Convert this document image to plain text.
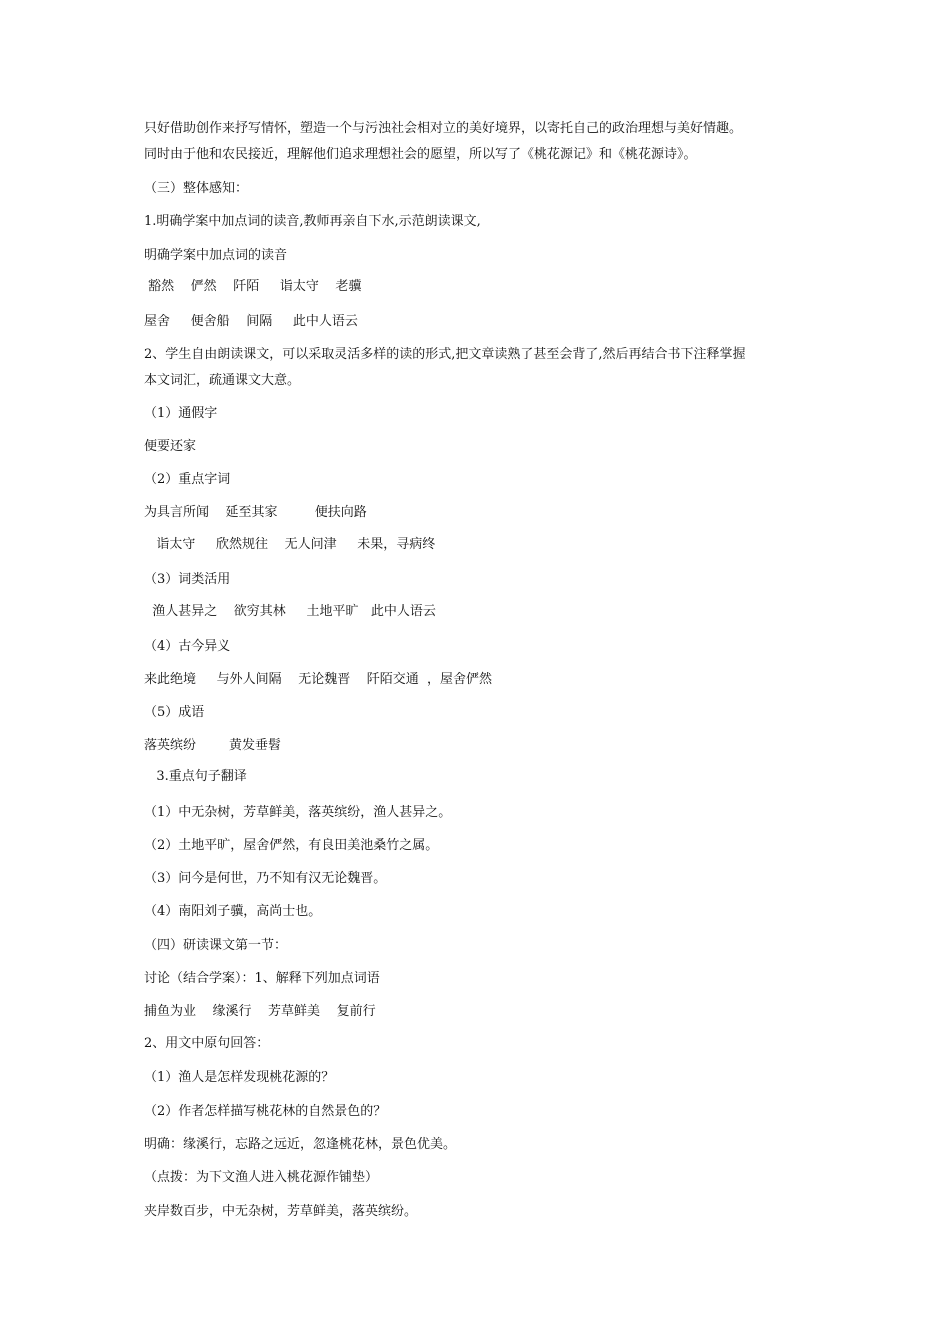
只好借助创作来抒写情怀，塑造一个与污浊社会相对立的美好境界，以寄托自己的政治理想与美好情趣。
同时由于他和农民接近，理解他们追求理想社会的愿望，所以写了《桃花源记》和《桃花源诗》。
（三）整体感知：
1.明确学案中加点词的读音,教师再亲自下水,示范朗读课文,
明确学案中加点词的读音
豁然    俨然    阡陌     诣太守    老骥
屋舍     便舍船    间隔     此中人语云
2、学生自由朗读课文，可以采取灵活多样的读的形式,把文章读熟了甚至会背了,然后再结合书下注释掌握
本文词汇，疏通课文大意。
（1）通假字
便要还家
（2）重点字词
为具言所闻    延至其家         便扶向路
诣太守     欣然规往    无人问津     未果，寻病终
（3）词类活用
渔人甚异之    欲穷其林     土地平旷   此中人语云
（4）古今异义
来此绝境     与外人间隔    无论魏晋    阡陌交通  ，屋舍俨然
（5）成语
落英缤纷        黄发垂髫
3.重点句子翻译
（1）中无杂树，芳草鲜美，落英缤纷，渔人甚异之。
（2）土地平旷，屋舍俨然，有良田美池桑竹之属。
（3）问今是何世，乃不知有汉无论魏晋。
（4）南阳刘子骥，高尚士也。
（四）研读课文第一节：
讨论（结合学案）：1、解释下列加点词语
捕鱼为业    缘溪行    芳草鲜美    复前行
2、用文中原句回答：
（1）渔人是怎样发现桃花源的？
（2）作者怎样描写桃花林的自然景色的？
明确：缘溪行，忘路之远近，忽逢桃花林，景色优美。
（点拨：为下文渔人进入桃花源作铺垫）
夹岸数百步，中无杂树，芳草鲜美，落英缤纷。
